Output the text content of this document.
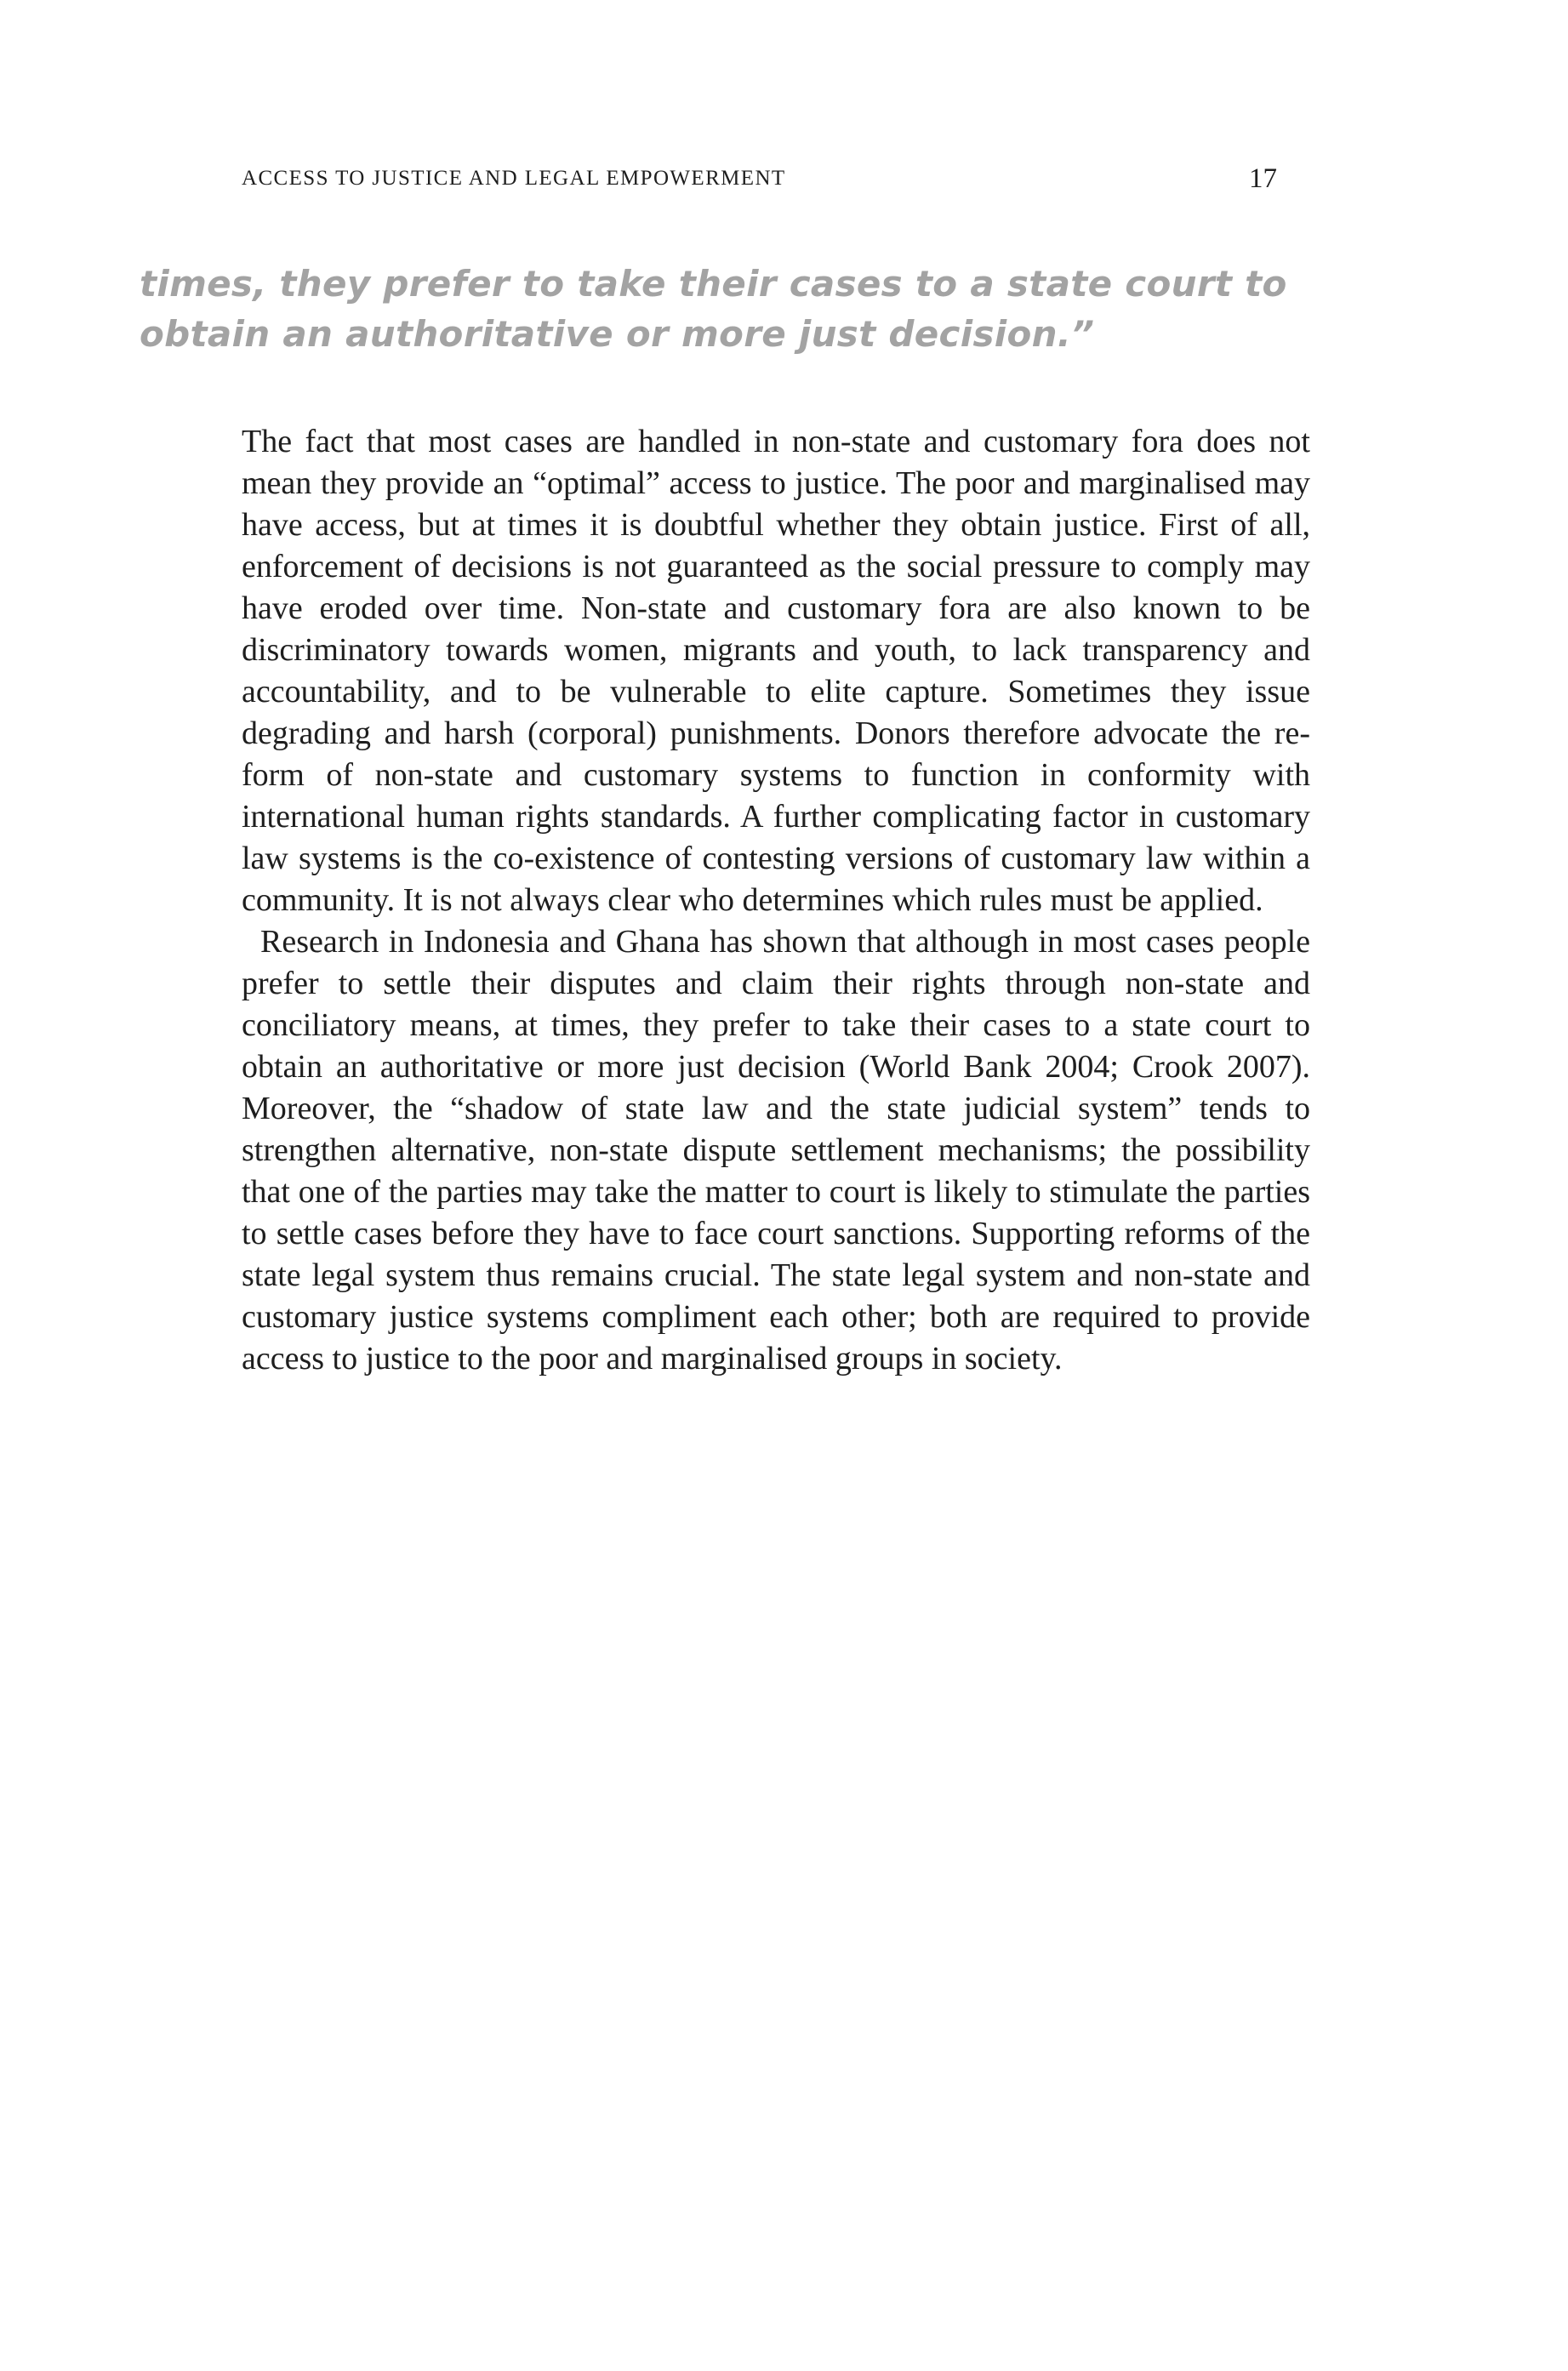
ACCESS TO JUSTICE AND LEGAL EMPOWERMENT	17
times, they prefer to take their cases to a state court to
obtain an authoritative or more just decision.”

The fact that most cases are handled in non-state and customary fora does not mean they provide an “optimal” access to justice. The poor and marginalised may have access, but at times it is doubtful whether they obtain justice. First of all, enforcement of decisions is not guaranteed as the social pressure to comply may have eroded over time. Non-state and customary fora are also known to be discriminatory towards women, migrants and youth, to lack transparency and accountability, and to be vulnerable to elite capture. Sometimes they issue degrading and harsh (corporal) punishments. Donors therefore advocate the reform of non-state and customary systems to function in conformity with international human rights standards. A further complicating factor in customary law systems is the co-existence of contesting versions of customary law within a community. It is not always clear who determines which rules must be applied.

Research in Indonesia and Ghana has shown that although in most cases people prefer to settle their disputes and claim their rights through non-state and conciliatory means, at times, they prefer to take their cases to a state court to obtain an authoritative or more just decision (World Bank 2004; Crook 2007). Moreover, the “shadow of state law and the state judicial system” tends to strengthen alternative, non-state dispute settlement mechanisms; the possibility that one of the parties may take the matter to court is likely to stimulate the parties to settle cases before they have to face court sanctions. Supporting reforms of the state legal system thus remains crucial. The state legal system and non-state and customary justice systems compliment each other; both are required to provide access to justice to the poor and marginalised groups in society.
